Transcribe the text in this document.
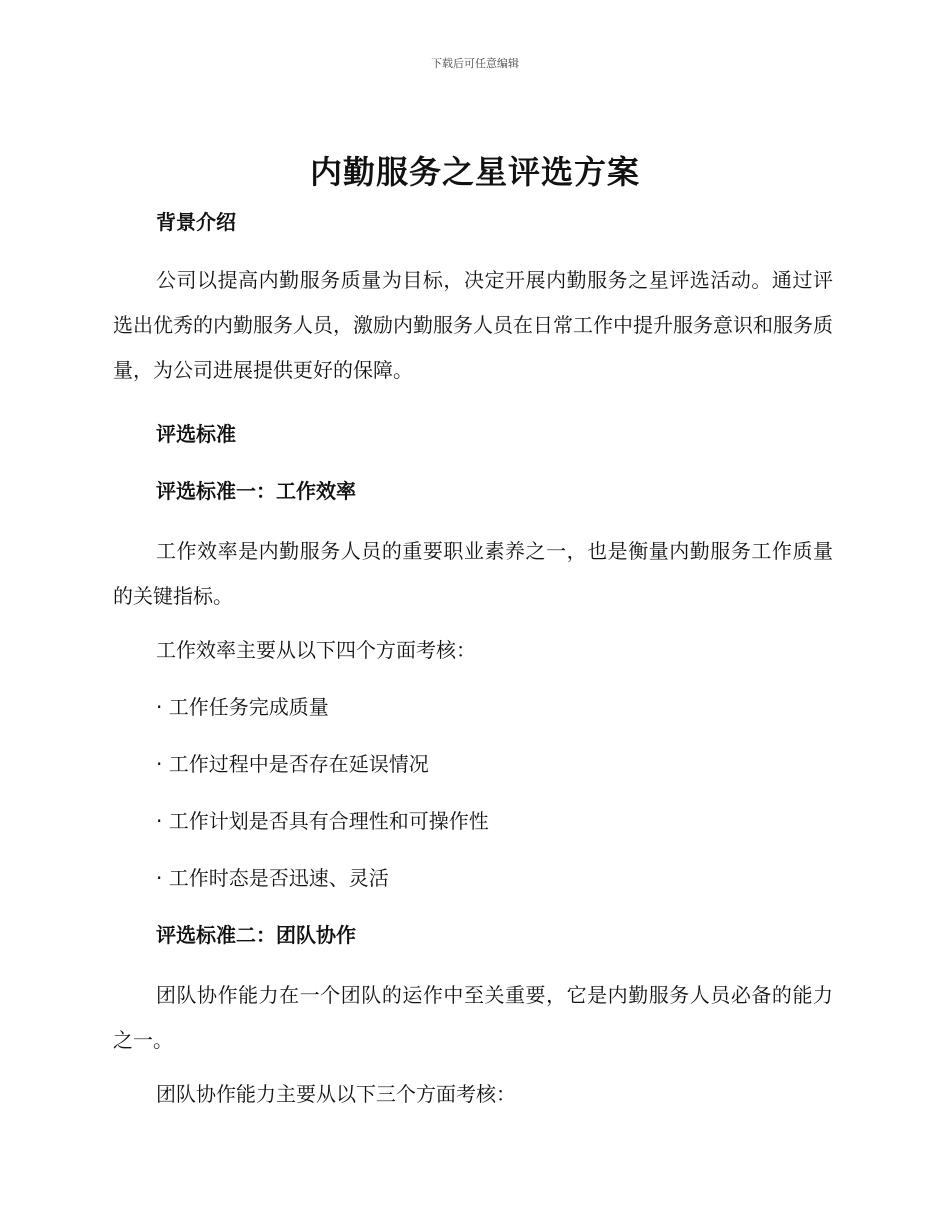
下载后可任意编辑
内勤服务之星评选方案
背景介绍
公司以提高内勤服务质量为目标，决定开展内勤服务之星评选活动。通过评选出优秀的内勤服务人员，激励内勤服务人员在日常工作中提升服务意识和服务质量，为公司进展提供更好的保障。
评选标准
评选标准一：工作效率
工作效率是内勤服务人员的重要职业素养之一，也是衡量内勤服务工作质量的关键指标。
工作效率主要从以下四个方面考核：
· 工作任务完成质量
· 工作过程中是否存在延误情况
· 工作计划是否具有合理性和可操作性
· 工作时态是否迅速、灵活
评选标准二：团队协作
团队协作能力在一个团队的运作中至关重要，它是内勤服务人员必备的能力之一。
团队协作能力主要从以下三个方面考核：
